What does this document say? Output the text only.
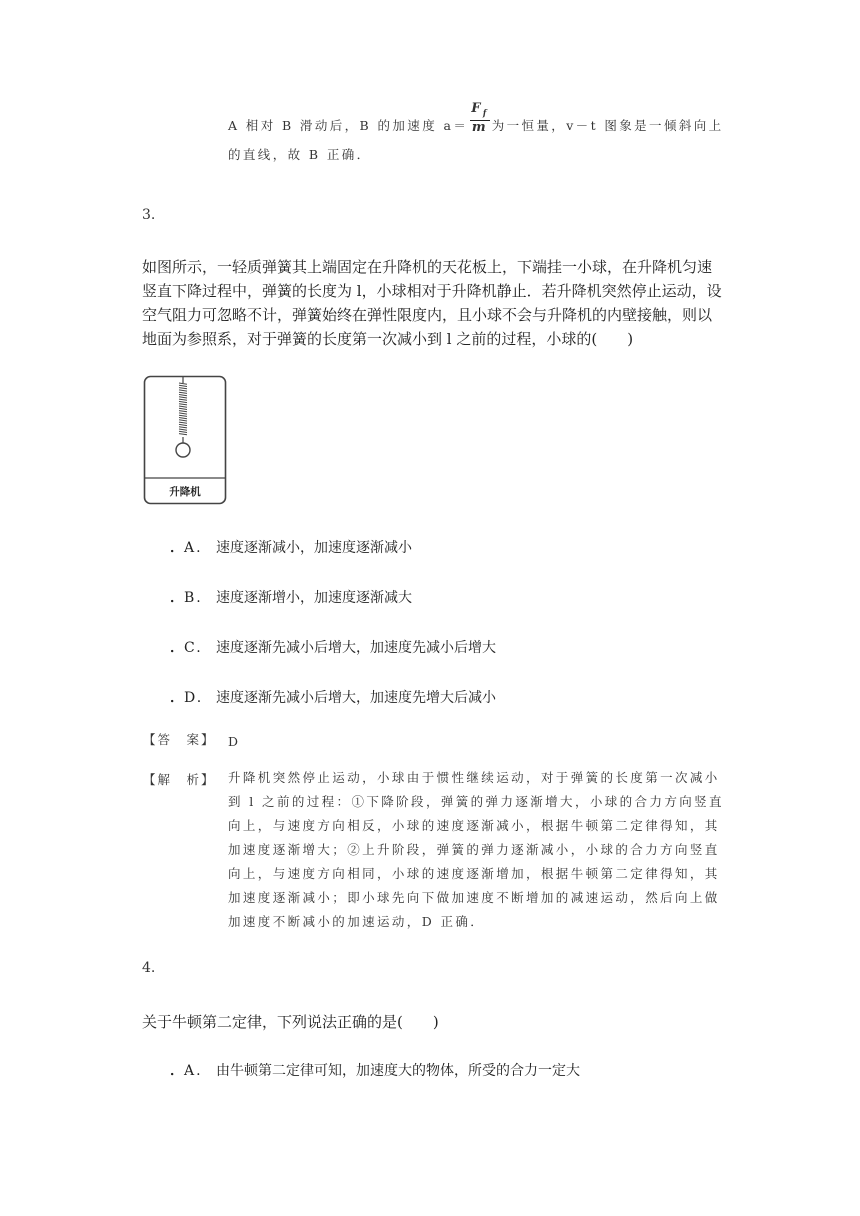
A 相对 B 滑动后，B 的加速度 $a= \frac{F_f}{m}$ 为一恒量，v－t 图象是一倾斜向上的直线，故 B 正确．
3.
如图所示，一轻质弹簧其上端固定在升降机的天花板上，下端挂一小球，在升降机匀速竖直下降过程中，弹簧的长度为 l，小球相对于升降机静止．若升降机突然停止运动，设空气阻力可忽略不计，弹簧始终在弹性限度内，且小球不会与升降机的内壁接触，则以地面为参照系，对于弹簧的长度第一次减小到 l 之前的过程，小球的(　　)
升降机
．A. 速度逐渐减小，加速度逐渐减小
．B. 速度逐渐增小，加速度逐渐减大
．C. 速度逐渐先减小后增大，加速度先减小后增大
．D. 速度逐渐先减小后增大，加速度先增大后减小
【答　案】 D
【解　析】 升降机突然停止运动，小球由于惯性继续运动，对于弹簧的长度第一次减小到 l 之前的过程：①下降阶段，弹簧的弹力逐渐增大，小球的合力方向竖直向上，与速度方向相反，小球的速度逐渐减小，根据牛顿第二定律得知，其加速度逐渐增大；②上升阶段，弹簧的弹力逐渐减小，小球的合力方向竖直向上，与速度方向相同，小球的速度逐渐增加，根据牛顿第二定律得知，其加速度逐渐减小；即小球先向下做加速度不断增加的减速运动，然后向上做加速度不断减小的加速运动，D 正确．
4.
关于牛顿第二定律，下列说法正确的是(　　)
．A. 由牛顿第二定律可知，加速度大的物体，所受的合力一定大
